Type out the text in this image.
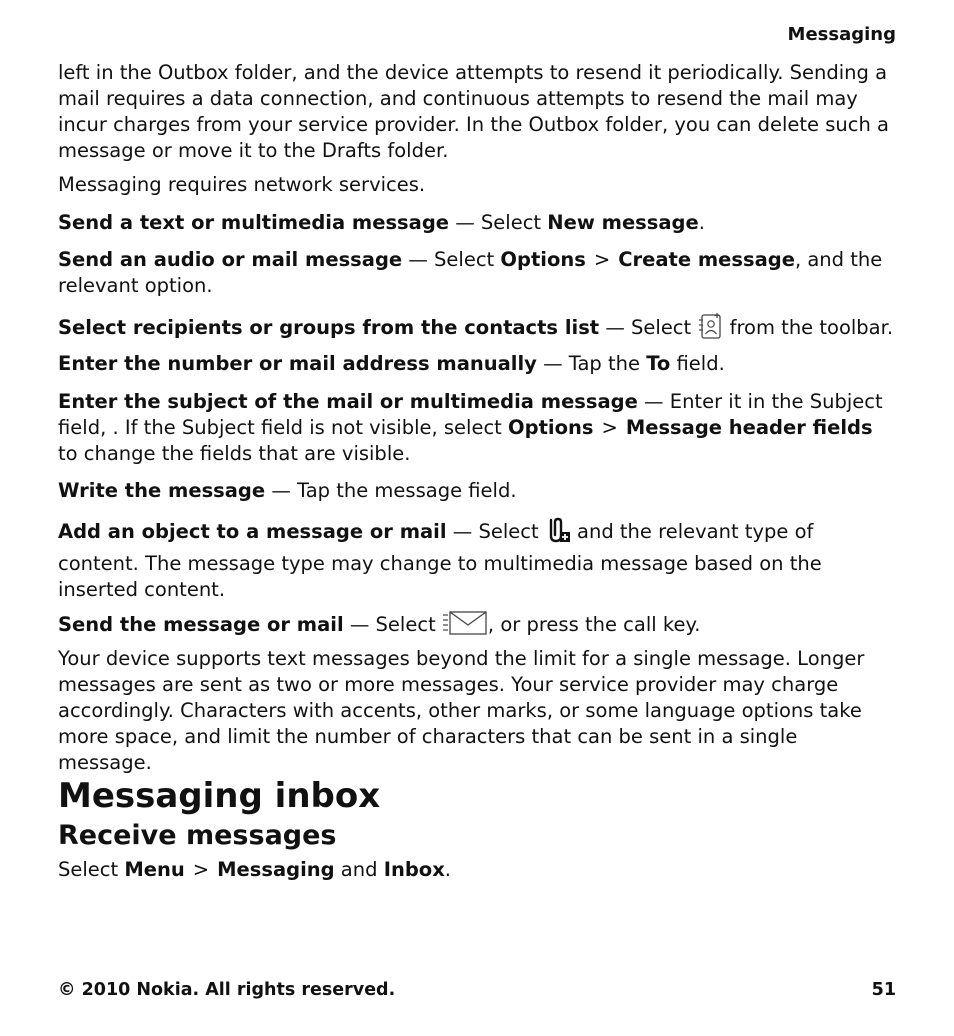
Messaging

left in the Outbox folder, and the device attempts to resend it periodically. Sending a mail requires a data connection, and continuous attempts to resend the mail may incur charges from your service provider. In the Outbox folder, you can delete such a message or move it to the Drafts folder.

Messaging requires network services.

Send a text or multimedia message — Select New message.

Send an audio or mail message — Select Options > Create message, and the relevant option.

Select recipients or groups from the contacts list — Select  from the toolbar.

Enter the number or mail address manually — Tap the To field.

Enter the subject of the mail or multimedia message — Enter it in the Subject field, . If the Subject field is not visible, select Options > Message header fields to change the fields that are visible.

Write the message — Tap the message field.

Add an object to a message or mail — Select  and the relevant type of content. The message type may change to multimedia message based on the inserted content.

Send the message or mail — Select , or press the call key.

Your device supports text messages beyond the limit for a single message. Longer messages are sent as two or more messages. Your service provider may charge accordingly. Characters with accents, other marks, or some language options take more space, and limit the number of characters that can be sent in a single message.

Messaging inbox
Receive messages

Select Menu > Messaging and Inbox.

© 2010 Nokia. All rights reserved.	51
